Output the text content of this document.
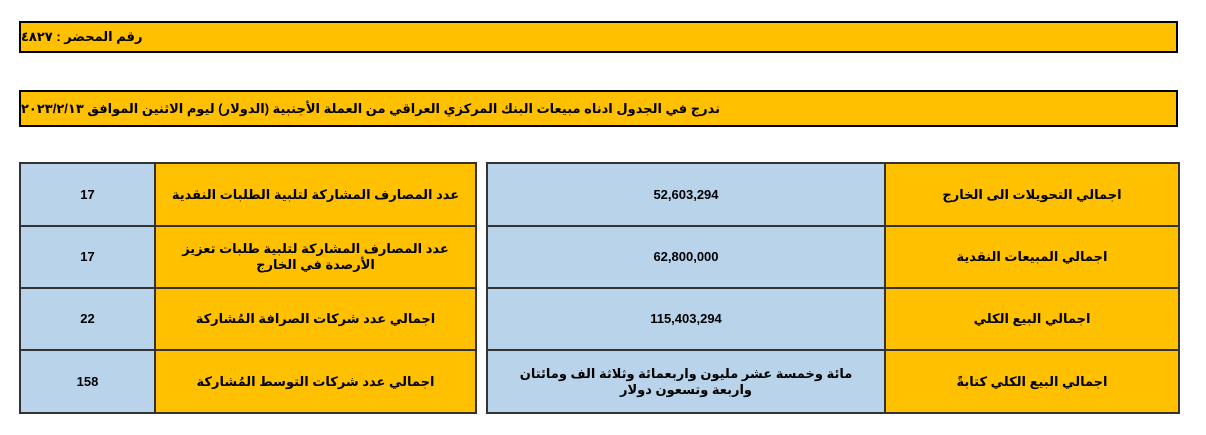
رقم المحضر : ٤٨٢٧
ندرج في الجدول ادناه مبيعات البنك المركزي العراقي من العملة الأجنبية (الدولار) ليوم الاثنين الموافق ٢٠٢٣/٢/١٣
52,603,294	اجمالي التحويلات الى الخارج
62,800,000	اجمالي المبيعات النقدية
115,403,294	اجمالي البيع الكلي
مائة وخمسة عشر مليون واربعمائة وثلاثة الف ومائتان واربعة وتسعون دولار	اجمالي البيع الكلي كتابةً
17	عدد المصارف المشاركة لتلبية الطلبات النقدية
17	عدد المصارف المشاركة لتلبية طلبات تعزيز الأرصدة في الخارج
22	اجمالي عدد شركات الصرافة المُشاركة
158	اجمالي عدد شركات التوسط المُشاركة
